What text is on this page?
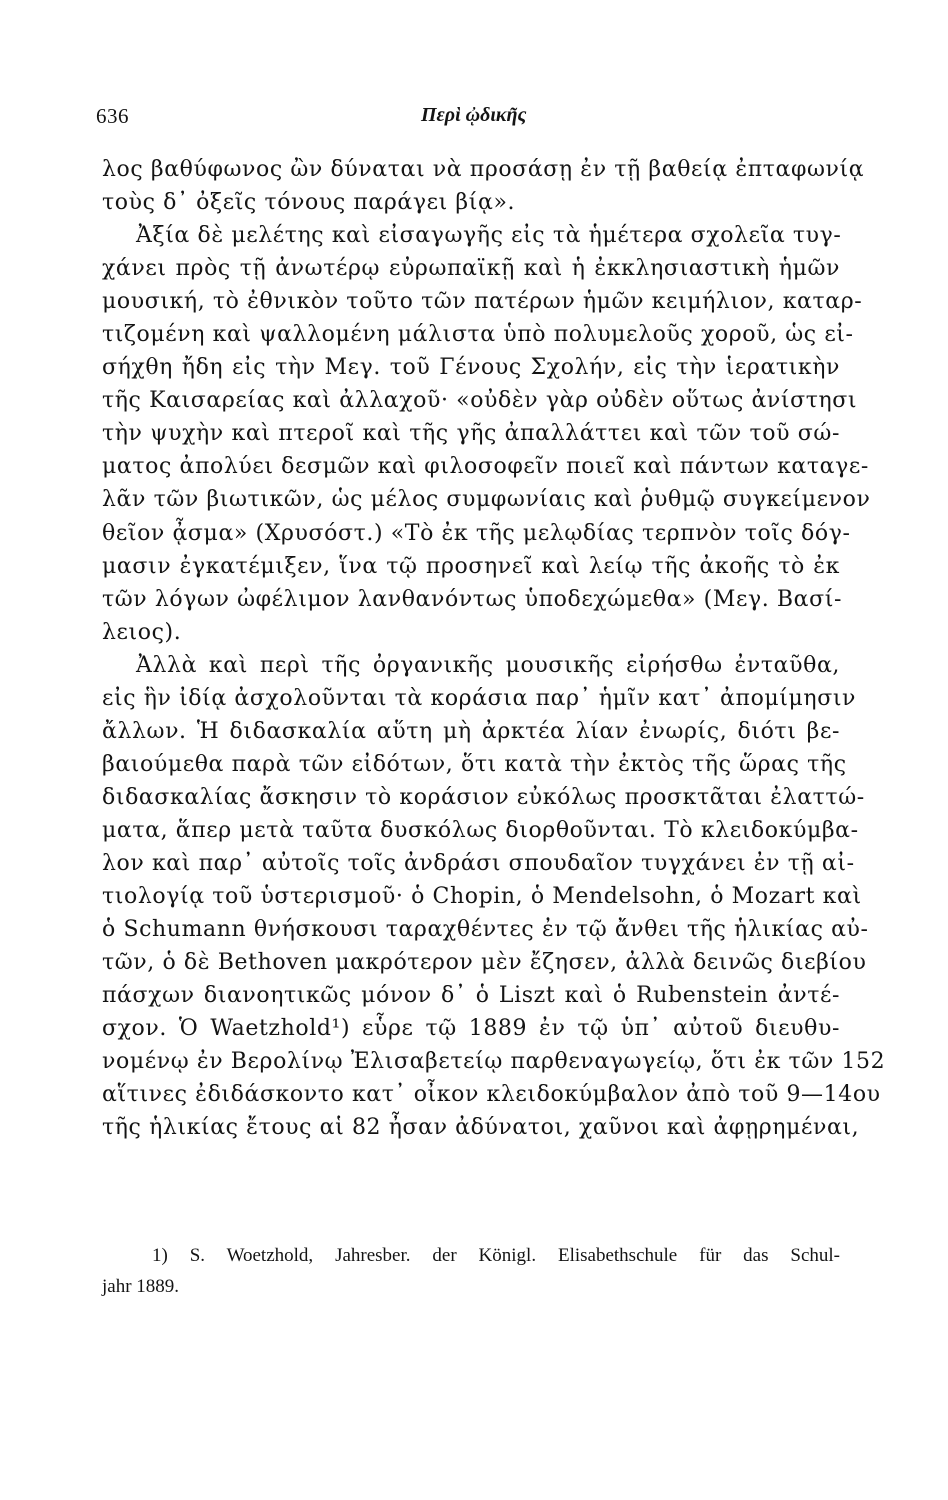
636	Περὶ ᾠδικῆς
λος βαθύφωνος ὢν δύναται νὰ προσάσῃ ἐν τῇ βαθείᾳ ἐπταφωνίᾳ
τοὺς δ᾽ ὀξεῖς τόνους παράγει βίᾳ».
Ἀξία δὲ μελέτης καὶ εἰσαγωγῆς εἰς τὰ ἡμέτερα σχολεῖα τυγ-
χάνει πρὸς τῇ ἀνωτέρῳ εὐρωπαϊκῇ καὶ ἡ ἐκκλησιαστικὴ ἡμῶν
μουσική, τὸ ἐθνικὸν τοῦτο τῶν πατέρων ἡμῶν κειμήλιον, καταρ-
τιζομένη καὶ ψαλλομένη μάλιστα ὑπὸ πολυμελοῦς χοροῦ, ὡς εἰ-
σήχθη ἤδη εἰς τὴν Μεγ. τοῦ Γένους Σχολήν, εἰς τὴν ἱερατικὴν
τῆς Καισαρείας καὶ ἀλλαχοῦ· «οὐδὲν γὰρ οὐδὲν οὕτως ἀνίστησι
τὴν ψυχὴν καὶ πτεροῖ καὶ τῆς γῆς ἀπαλλάττει καὶ τῶν τοῦ σώ-
ματος ἀπολύει δεσμῶν καὶ φιλοσοφεῖν ποιεῖ καὶ πάντων καταγε-
λᾶν τῶν βιωτικῶν, ὡς μέλος συμφωνίαις καὶ ῥυθμῷ συγκείμενον
θεῖον ᾆσμα» (Χρυσόστ.) «Τὸ ἐκ τῆς μελῳδίας τερπνὸν τοῖς δόγ-
μασιν ἐγκατέμιξεν, ἵνα τῷ προσηνεῖ καὶ λείῳ τῆς ἀκοῆς τὸ ἐκ
τῶν λόγων ὠφέλιμον λανθανόντως ὑποδεχώμεθα» (Μεγ. Βασί-
λειος).
Ἀλλὰ καὶ περὶ τῆς ὀργανικῆς μουσικῆς εἰρήσθω ἐνταῦθα,
εἰς ἣν ἰδίᾳ ἀσχολοῦνται τὰ κοράσια παρ᾽ ἡμῖν κατ᾽ ἀπομίμησιν
ἄλλων. Ἡ διδασκαλία αὕτη μὴ ἀρκτέα λίαν ἐνωρίς, διότι βε-
βαιούμεθα παρὰ τῶν εἰδότων, ὅτι κατὰ τὴν ἐκτὸς τῆς ὥρας τῆς
διδασκαλίας ἄσκησιν τὸ κοράσιον εὐκόλως προσκτᾶται ἐλαττώ-
ματα, ἅπερ μετὰ ταῦτα δυσκόλως διορθοῦνται. Τὸ κλειδοκύμβα-
λον καὶ παρ᾽ αὐτοῖς τοῖς ἀνδράσι σπουδαῖον τυγχάνει ἐν τῇ αἰ-
τιολογίᾳ τοῦ ὑστερισμοῦ· ὁ Chopin, ὁ Mendelsohn, ὁ Mozart καὶ
ὁ Schumann θνήσκουσι ταραχθέντες ἐν τῷ ἄνθει τῆς ἡλικίας αὐ-
τῶν, ὁ δὲ Bethoven μακρότερον μὲν ἔζησεν, ἀλλὰ δεινῶς διεβίου
πάσχων διανοητικῶς μόνον δ᾽ ὁ Liszt καὶ ὁ Rubenstein ἀντέ-
σχον. Ὁ Waetzhold¹) εὗρε τῷ 1889 ἐν τῷ ὑπ᾽ αὐτοῦ διευθυ-
νομένῳ ἐν Βερολίνῳ Ἐλισαβετείῳ παρθεναγωγείῳ, ὅτι ἐκ τῶν 152
αἵτινες ἐδιδάσκοντο κατ᾽ οἶκον κλειδοκύμβαλον ἀπὸ τοῦ 9—14ου
τῆς ἡλικίας ἔτους αἱ 82 ἦσαν ἀδύνατοι, χαῦνοι καὶ ἀφῃρημέναι,
1) S. Woetzhold, Jahresber. der Königl. Elisabethschule für das Schul-
jahr 1889.
